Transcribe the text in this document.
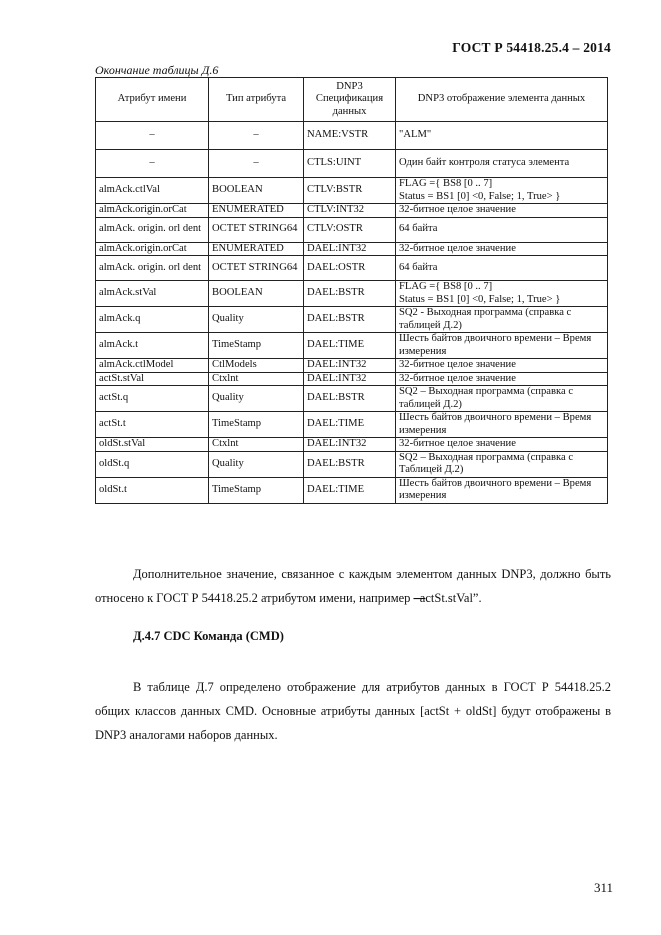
ГОСТ Р 54418.25.4 – 2014
Окончание таблицы Д.6
Атрибут имени	Тип атрибута	DNP3 Спецификация данных	DNP3 отображение элемента данных
–	–	NAME:VSTR	"ALM"
–	–	CTLS:UINT	Один байт контроля статуса элемента
almAck.ctlVal	BOOLEAN	CTLV:BSTR	FLAG ={ BS8 [0 .. 7]
Status = BS1 [0] <0, False; 1, True> }
almAck.origin.orCat	ENUMERATED	CTLV:INT32	32-битное целое значение
almAck. origin. orl dent	OCTET STRING64	CTLV:OSTR	64 байта
almAck.origin.orCat	ENUMERATED	DAEL:INT32	32-битное целое значение
almAck. origin. orl dent	OCTET STRING64	DAEL:OSTR	64 байта
almAck.stVal	BOOLEAN	DAEL:BSTR	FLAG ={ BS8 [0 .. 7]
Status = BS1 [0] <0, False; 1, True> }
almAck.q	Quality	DAEL:BSTR	SQ2 - Выходная программа (справка с таблицей Д.2)
almAck.t	TimeStamp	DAEL:TIME	Шесть байтов двоичного времени – Время измерения
almAck.ctlModel	CtlModels	DAEL:INT32	32-битное целое значение
actSt.stVal	Ctxlnt	DAEL:INT32	32-битное целое значение
actSt.q	Quality	DAEL:BSTR	SQ2 – Выходная программа (справка с таблицей Д.2)
actSt.t	TimeStamp	DAEL:TIME	Шесть байтов двоичного времени – Время измерения
oldSt.stVal	Ctxlnt	DAEL:INT32	32-битное целое значение
oldSt.q	Quality	DAEL:BSTR	SQ2 – Выходная программа (справка с Таблицей Д.2)
oldSt.t	TimeStamp	DAEL:TIME	Шесть байтов двоичного времени – Время измерения
Дополнительное значение, связанное с каждым элементом данных DNP3, должно быть относено к ГОСТ Р 54418.25.2 атрибутом имени, например –actSt.stVal”.
Д.4.7 CDC Команда (CMD)
В таблице Д.7 определено отображение для атрибутов данных в ГОСТ Р 54418.25.2 общих классов данных CMD. Основные атрибуты данных [actSt + oldSt] будут отображены в DNP3 аналогами наборов данных.
311
